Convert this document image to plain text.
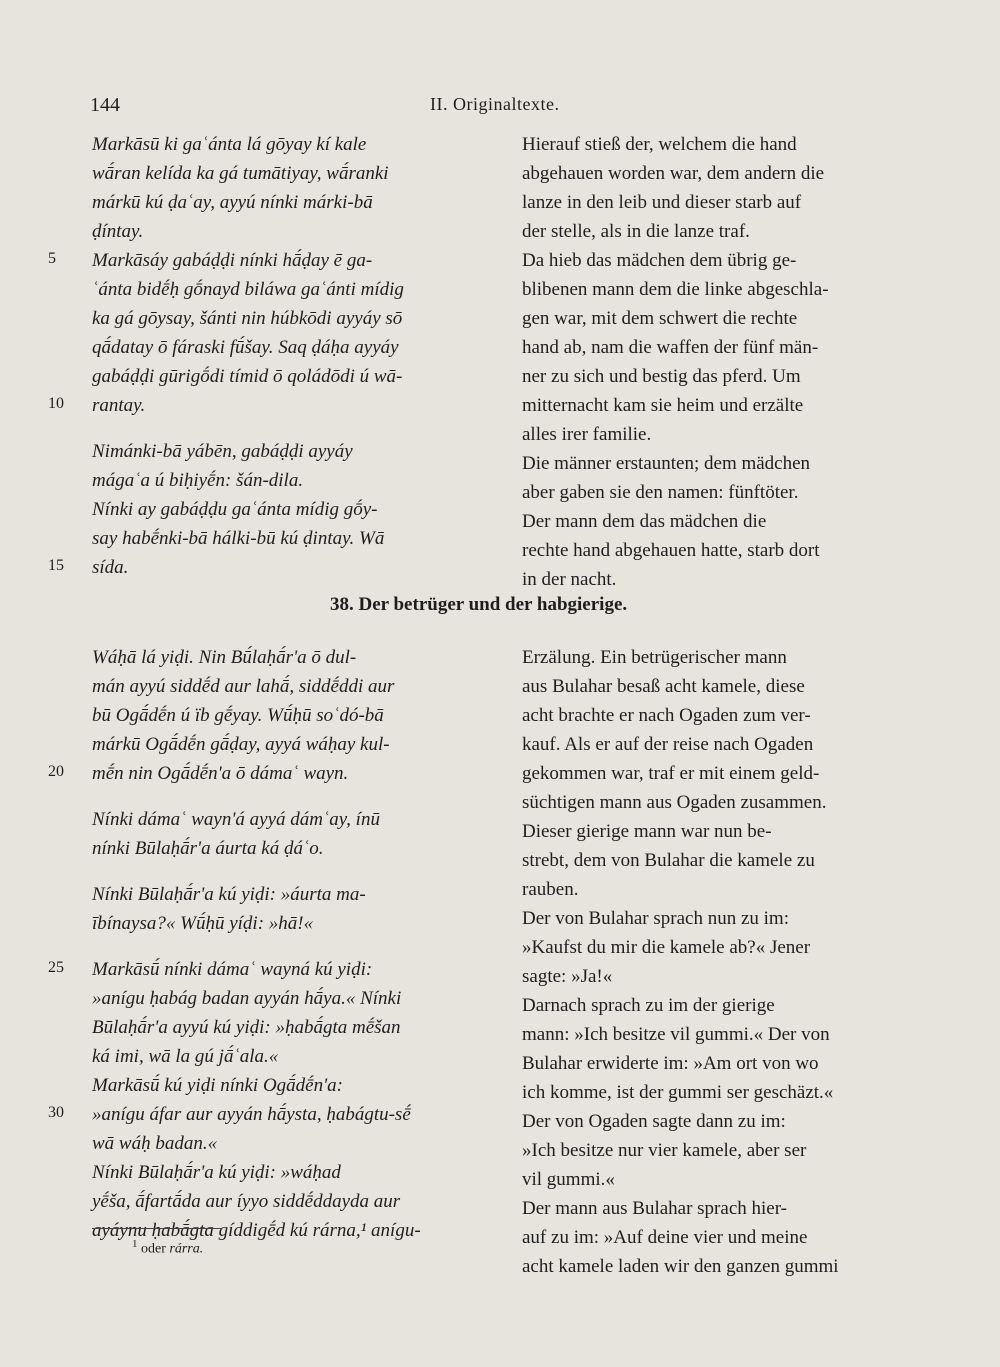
144	II. Originaltexte.
Markāsū ki gaʿánta lá gōyay kí kale
wā́ran kelída ka gá tumātiyay, wā́ranki
márkū kú ḍaʿay, ayyú nínki márki-bā
ḍíntay.
Markāsáy gabáḍḍi nínki hā́ḍay ē ga-
ʿánta bidḗḥ gṓnayd biláwa gaʿánti mídig
ka gá gōysay, šánti nin húbkōdi ayyáy sō
qā́datay ō fáraski fū́šay. Saq ḍáḥa ayyáy
gabáḍḍi gūrigṓdi tímid ō qoládōdi ú wā-
rantay.
Nimánki-bā yábēn, gabáḍḍi ayyáy
mágaʿa ú biḥiyḗn: šán-dila.
Nínki ay gabáḍḍu gaʿánta mídig gṓy-
say habḗnki-bā hálki-bū kú ḍintay. Wā
sída.
Hierauf stieß der, welchem die hand
abgehauen worden war, dem andern die
lanze in den leib und dieser starb auf
der stelle, als in die lanze traf.
Da hieb das mädchen dem übrig ge-
blibenen mann dem die linke abgeschla-
gen war, mit dem schwert die rechte
hand ab, nam die waffen der fünf män-
ner zu sich und bestig das pferd. Um
mitternacht kam sie heim und erzälte
alles irer familie.
Die männer erstaunten; dem mädchen
aber gaben sie den namen: fünftöter.
Der mann dem das mädchen die
rechte hand abgehauen hatte, starb dort
in der nacht.
38. Der betrüger und der habgierige.
Wáḥā lá yiḍi. Nin Bū́laḥā́r'a ō dul-
mán ayyú siddḗd aur lahā́, siddḗddi aur
bū Ogā́dḗn ú ïb gḗyay. Wū́ḥū soʿdó-bā
márkū Ogā́dḗn gā́ḍay, ayyá wáḥay kul-
mḗn nin Ogā́dḗn'a ō dámaʿ wayn.
Nínki dámaʿ wayn'á ayyá dámʿay, ínū
nínki Būlaḥā́r'a áurta ká ḍáʿo.
Nínki Būlaḥā́r'a kú yiḍi: »áurta ma-
ībínaysa?« Wū́ḥū yíḍi: »hā!«
Markāsū́ nínki dámaʿ wayná kú yiḍi:
»anígu ḥabág badan ayyán hā́ya.« Nínki
Būlaḥā́r'a ayyú kú yiḍi: »ḥabā́gta mḗšan
ká imi, wā la gú jā́ʿala.«
Markāsū́ kú yiḍi nínki Ogā́dḗn'a:
»anígu áfar aur ayyán hā́ysta, ḥabágtu-sḗ
wā wáḥ badan.«
Nínki Būlaḥā́r'a kú yiḍi: »wáḥad
yḗša, ā́fartā́da aur íyyo siddḗddayda aur
ayáynu ḥabā́gta gíddigḗd kú rárna,¹ anígu-
Erzälung. Ein betrügerischer mann
aus Bulahar besaß acht kamele, diese
acht brachte er nach Ogaden zum ver-
kauf. Als er auf der reise nach Ogaden
gekommen war, traf er mit einem geld-
süchtigen mann aus Ogaden zusammen.
Dieser gierige mann war nun be-
strebt, dem von Bulahar die kamele zu
rauben.
Der von Bulahar sprach nun zu im:
»Kaufst du mir die kamele ab?« Jener
sagte: »Ja!«
Darnach sprach zu im der gierige
mann: »Ich besitze vil gummi.« Der von
Bulahar erwiderte im: »Am ort von wo
ich komme, ist der gummi ser geschäzt.«
Der von Ogaden sagte dann zu im:
»Ich besitze nur vier kamele, aber ser
vil gummi.«
Der mann aus Bulahar sprach hier-
auf zu im: »Auf deine vier und meine
acht kamele laden wir den ganzen gummi
5
10
15
20
25
30
$^1$ oder rárra.
